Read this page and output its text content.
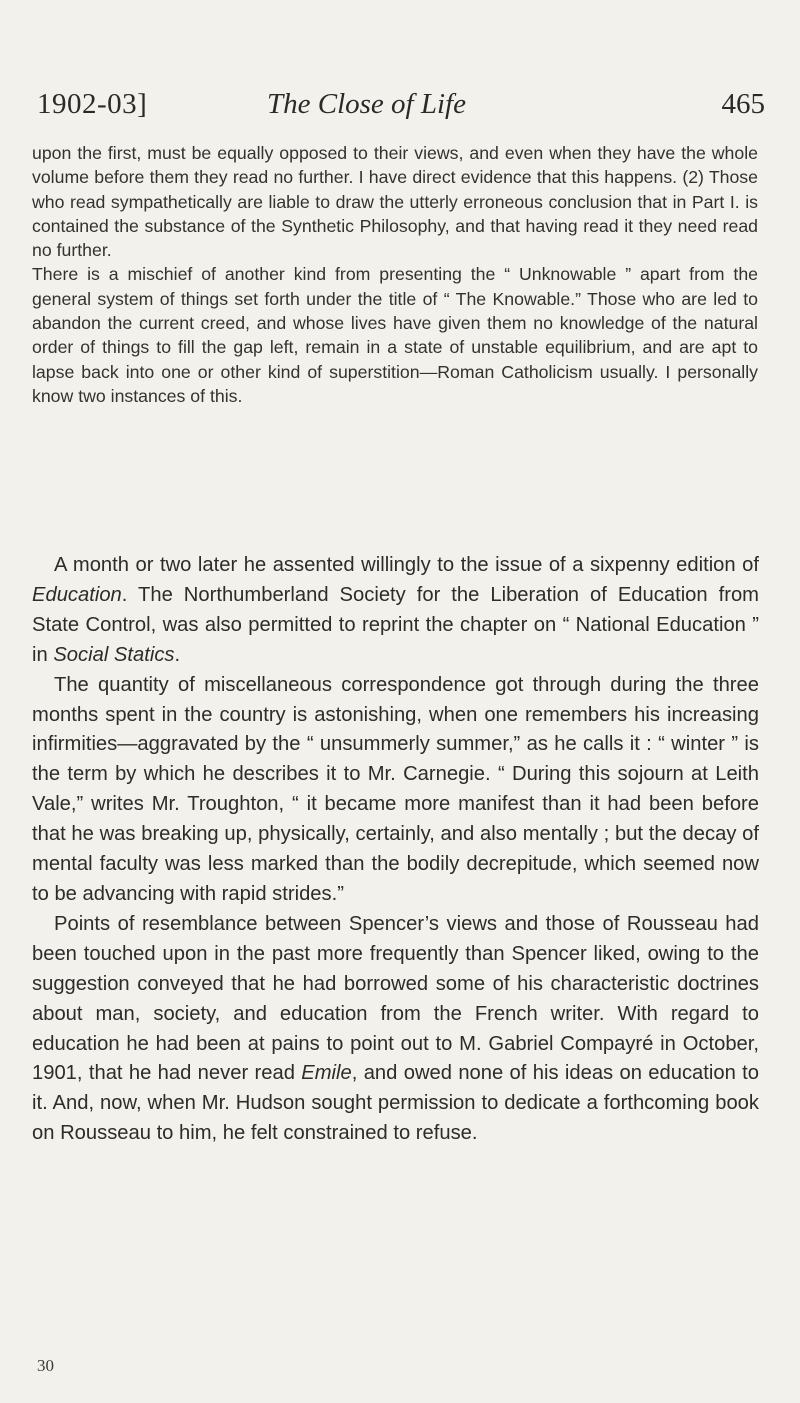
1902-03]	The Close of Life	465

upon the first, must be equally opposed to their views, and even when they have the whole volume before them they read no further. I have direct evidence that this happens. (2) Those who read sympathetically are liable to draw the utterly erroneous conclusion that in Part I. is contained the substance of the Synthetic Philosophy, and that having read it they need read no further.

There is a mischief of another kind from presenting the “ Unknowable ” apart from the general system of things set forth under the title of “ The Knowable.” Those who are led to abandon the current creed, and whose lives have given them no knowledge of the natural order of things to fill the gap left, remain in a state of unstable equilibrium, and are apt to lapse back into one or other kind of superstition—Roman Catholicism usually. I personally know two instances of this.

A month or two later he assented willingly to the issue of a sixpenny edition of Education. The Northumberland Society for the Liberation of Education from State Control, was also permitted to reprint the chapter on “ National Education ” in Social Statics.

The quantity of miscellaneous correspondence got through during the three months spent in the country is astonishing, when one remembers his increasing infirmities—aggravated by the “ unsummerly summer,” as he calls it : “ winter ” is the term by which he describes it to Mr. Carnegie. “ During this sojourn at Leith Vale,” writes Mr. Troughton, “ it became more manifest than it had been before that he was breaking up, physically, certainly, and also mentally ; but the decay of mental faculty was less marked than the bodily decrepitude, which seemed now to be advancing with rapid strides.”

Points of resemblance between Spencer’s views and those of Rousseau had been touched upon in the past more frequently than Spencer liked, owing to the suggestion conveyed that he had borrowed some of his characteristic doctrines about man, society, and education from the French writer. With regard to education he had been at pains to point out to M. Gabriel Compayré in October, 1901, that he had never read Emile, and owed none of his ideas on education to it. And, now, when Mr. Hudson sought permission to dedicate a forthcoming book on Rousseau to him, he felt constrained to refuse.

30
